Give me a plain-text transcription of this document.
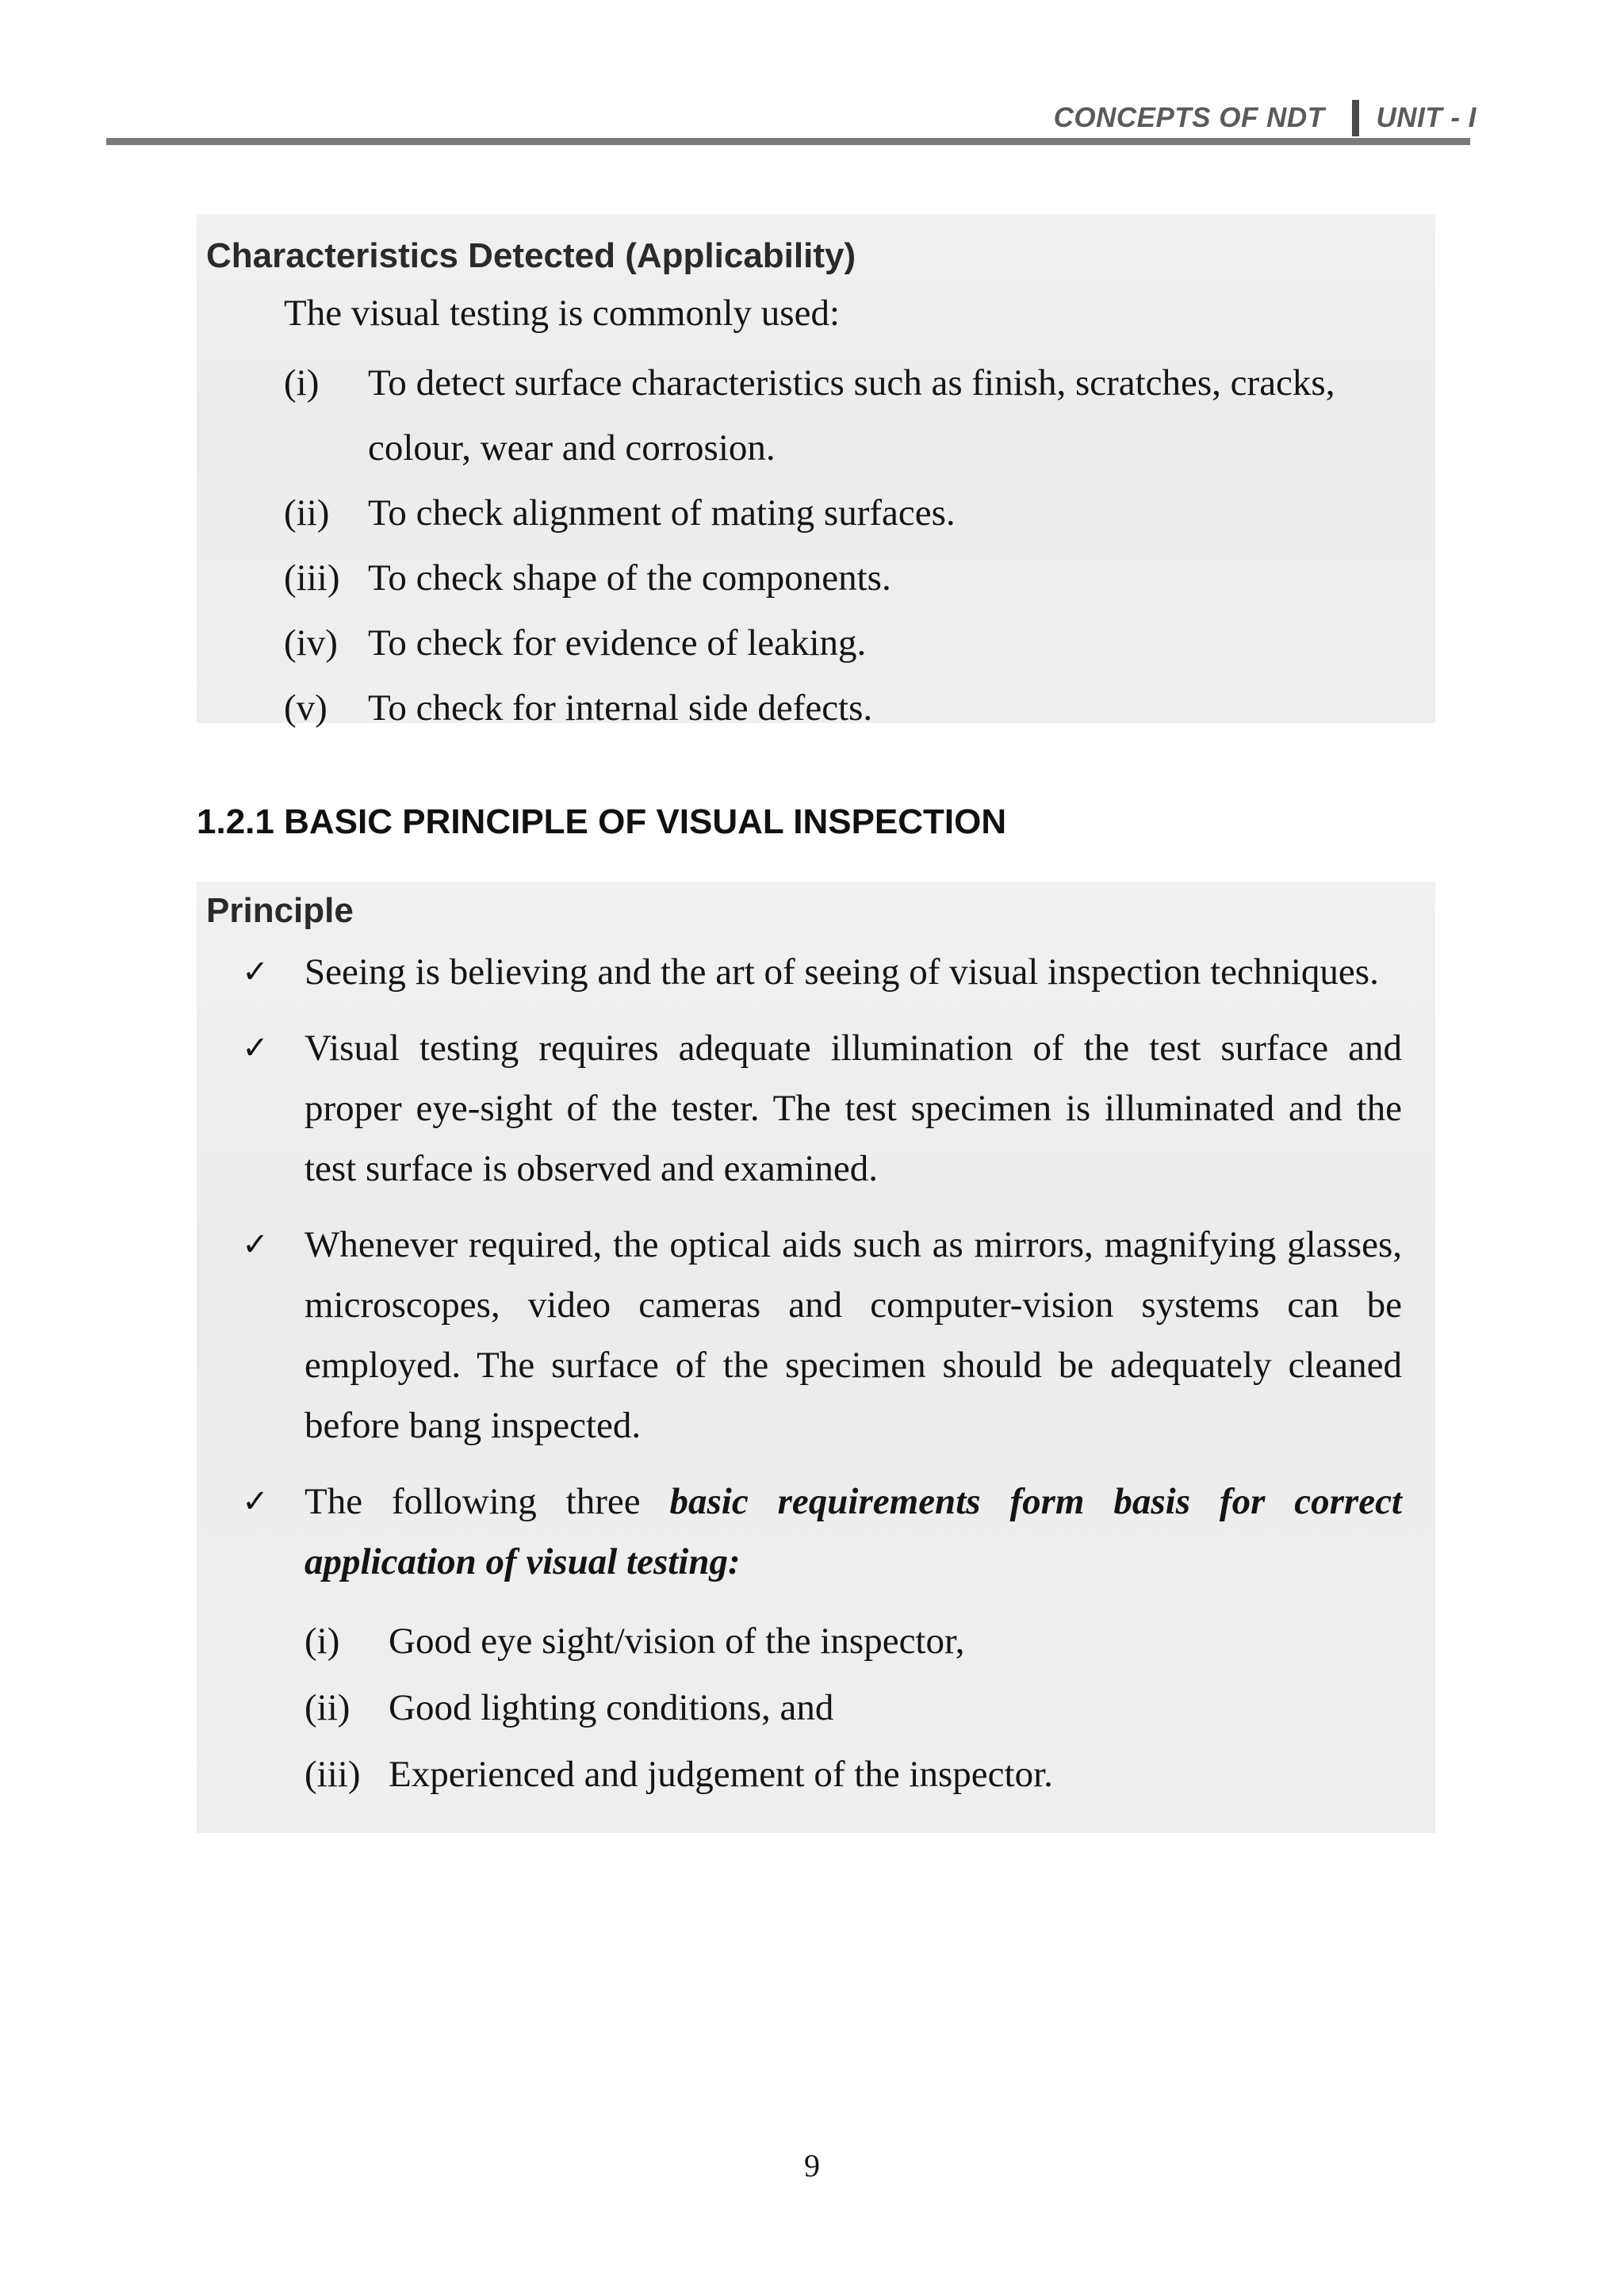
CONCEPTS OF NDT UNIT - I
Characteristics Detected (Applicability)
The visual testing is commonly used:
(i)	To detect surface characteristics such as finish, scratches, cracks, colour, wear and corrosion.
(ii)	To check alignment of mating surfaces.
(iii) To check shape of the components.
(iv) To check for evidence of leaking.
(v)	To check for internal side defects.
1.2.1 BASIC PRINCIPLE OF VISUAL INSPECTION
Principle
✓ Seeing is believing and the art of seeing of visual inspection techniques.
✓ Visual testing requires adequate illumination of the test surface and proper eye-sight of the tester. The test specimen is illuminated and the test surface is observed and examined.
✓ Whenever required, the optical aids such as mirrors, magnifying glasses, microscopes, video cameras and computer-vision systems can be employed. The surface of the specimen should be adequately cleaned before bang inspected.
✓ The following three basic requirements form basis for correct application of visual testing:
(i)	Good eye sight/vision of the inspector,
(ii)	Good lighting conditions, and
(iii) Experienced and judgement of the inspector.
9
